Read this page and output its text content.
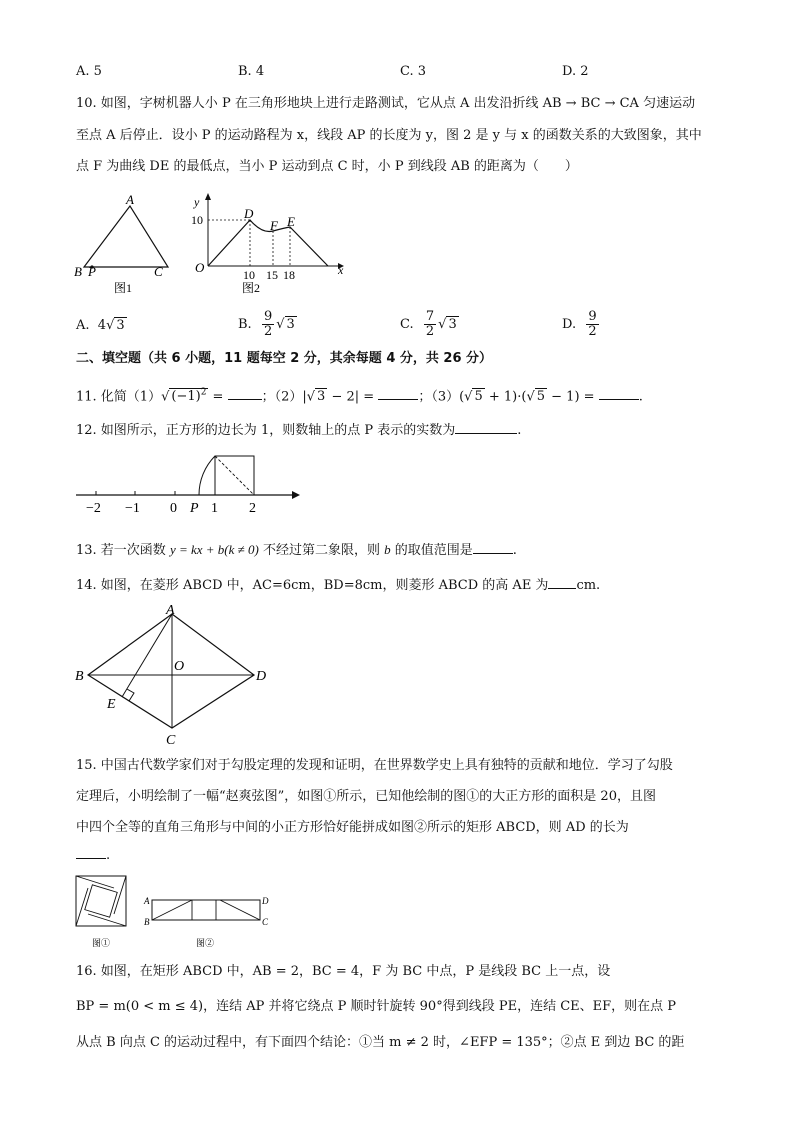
A. 5	B. 4	C. 3	D. 2
10. 如图，字树机器人小 P 在三角形地块上进行走路测试，它从点 A 出发沿折线 AB → BC → CA 匀速运动
至点 A 后停止．设小 P 的运动路程为 x，线段 AP 的长度为 y，图 2 是 y 与 x 的函数关系的大致图象，其中
点 F 为曲线 DE 的最低点，当小 P 运动到点 C 时，小 P 到线段 AB 的距离为（　　）
A
B P	C
图1
y
x
O
10	D
F E
10 15 18
图2
A. 4√ 3	B. $\frac{9}{2}$ √ 3	C. $\frac{7}{2}$ √ 3	D. $\frac{9}{2}$
二、填空题（共 6 小题，11 题每空 2 分，其余每题 4 分，共 26 分）
11. 化简（1）√ $(-1)^2$ =	；（2）|√ 3 − 2| =	；（3）(√ 5 + 1)·(√ 5 − 1) =	.
12. 如图所示，正方形的边长为 1，则数轴上的点 P 表示的实数为	.
−2 −1 0 P 1 2
13. 若一次函数 y = kx + b(k ≠ 0) 不经过第二象限，则 b 的取值范围是	.
14. 如图，在菱形 ABCD 中，AC=6cm，BD=8cm，则菱形 ABCD 的高 AE 为 cm.
A
B	D
C
O
E
15. 中国古代数学家们对于勾股定理的发现和证明，在世界数学史上具有独特的贡献和地位．学习了勾股
定理后，小明绘制了一幅“赵爽弦图”，如图①所示，已知他绘制的图①的大正方形的面积是 20，且图
中四个全等的直角三角形与中间的小正方形恰好能拼成如图②所示的矩形 ABCD，则 AD 的长为
.
图①
A
B
D
C
图②
16. 如图，在矩形 ABCD 中，AB = 2，BC = 4，F 为 BC 中点，P 是线段 BC 上一点，设
BP = m(0 < m ≤ 4)，连结 AP 并将它绕点 P 顺时针旋转 90°得到线段 PE，连结 CE、EF，则在点 P
从点 B 向点 C 的运动过程中，有下面四个结论：①当 m ≠ 2 时，∠EFP = 135°；②点 E 到边 BC 的距
